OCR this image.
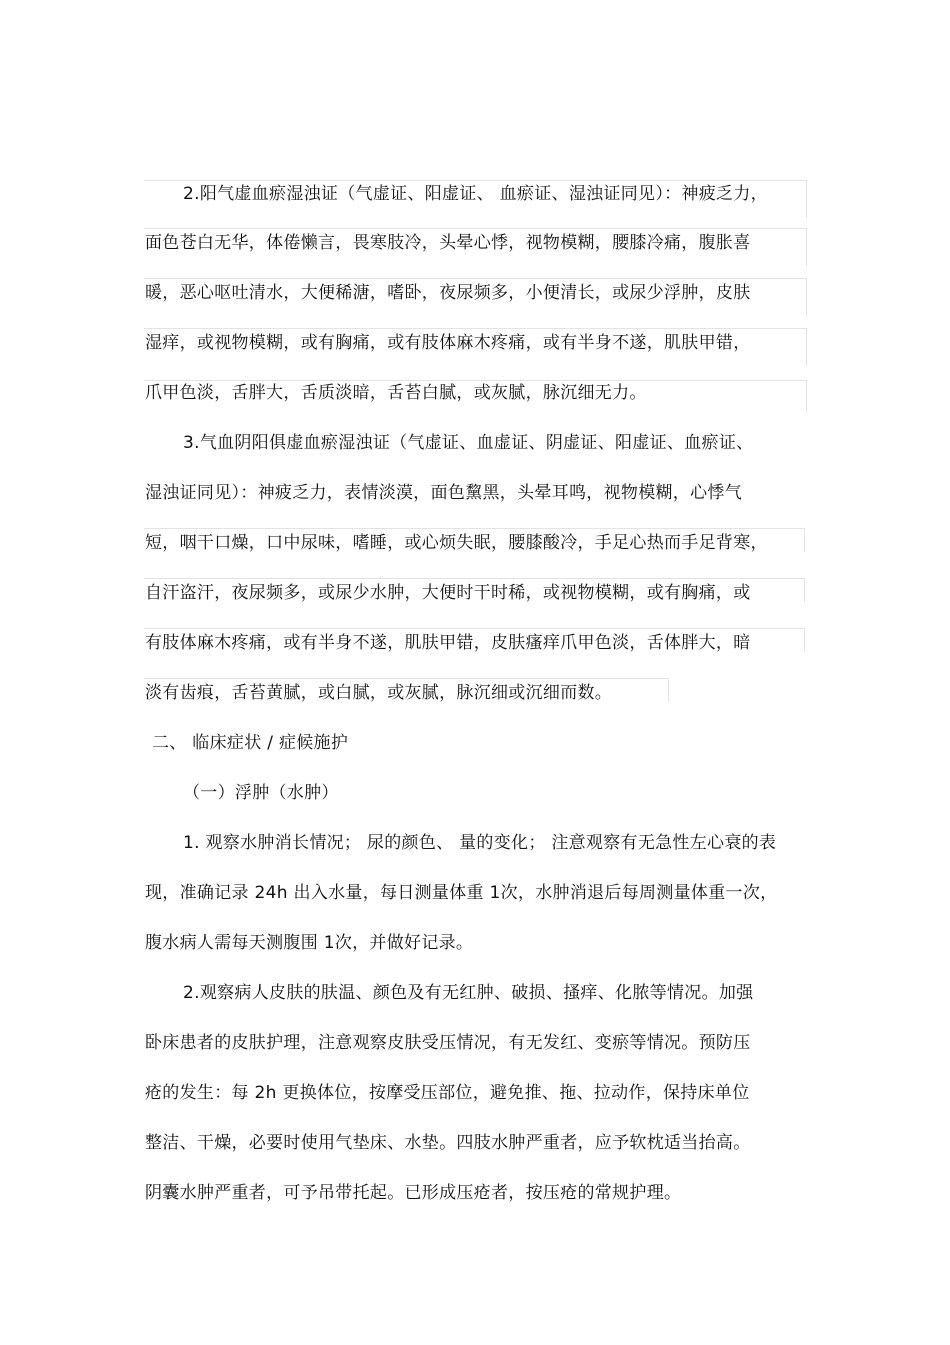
2.阳气虚血瘀湿浊证（气虚证、阳虚证、 血瘀证、湿浊证同见）：神疲乏力，
面色苍白无华，体倦懒言，畏寒肢冷，头晕心悸，视物模糊，腰膝冷痛，腹胀喜
暖，恶心呕吐清水，大便稀溏，嗜卧，夜尿频多，小便清长，或尿少浮肿，皮肤
湿痒，或视物模糊，或有胸痛，或有肢体麻木疼痛，或有半身不遂，肌肤甲错，
爪甲色淡，舌胖大，舌质淡暗，舌苔白腻，或灰腻，脉沉细无力。
3.气血阴阳俱虚血瘀湿浊证（气虚证、血虚证、阴虚证、阳虚证、血瘀证、
湿浊证同见）：神疲乏力，表情淡漠，面色黧黑，头晕耳鸣，视物模糊，心悸气
短，咽干口燥，口中尿味，嗜睡，或心烦失眠，腰膝酸冷，手足心热而手足背寒，
自汗盗汗，夜尿频多，或尿少水肿，大便时干时稀，或视物模糊，或有胸痛，或
有肢体麻木疼痛，或有半身不遂，肌肤甲错，皮肤瘙痒爪甲色淡，舌体胖大，暗
淡有齿痕，舌苔黄腻，或白腻，或灰腻，脉沉细或沉细而数。
二、 临床症状 / 症候施护
（一）浮肿（水肿）
1. 观察水肿消长情况； 尿的颜色、 量的变化； 注意观察有无急性左心衰的表
现，准确记录 24h 出入水量，每日测量体重 1次，水肿消退后每周测量体重一次，
腹水病人需每天测腹围 1次，并做好记录。
2.观察病人皮肤的肤温、颜色及有无红肿、破损、搔痒、化脓等情况。加强
卧床患者的皮肤护理，注意观察皮肤受压情况，有无发红、变瘀等情况。预防压
疮的发生：每 2h 更换体位，按摩受压部位，避免推、拖、拉动作，保持床单位
整洁、干燥，必要时使用气垫床、水垫。四肢水肿严重者，应予软枕适当抬高。
阴囊水肿严重者，可予吊带托起。已形成压疮者，按压疮的常规护理。
